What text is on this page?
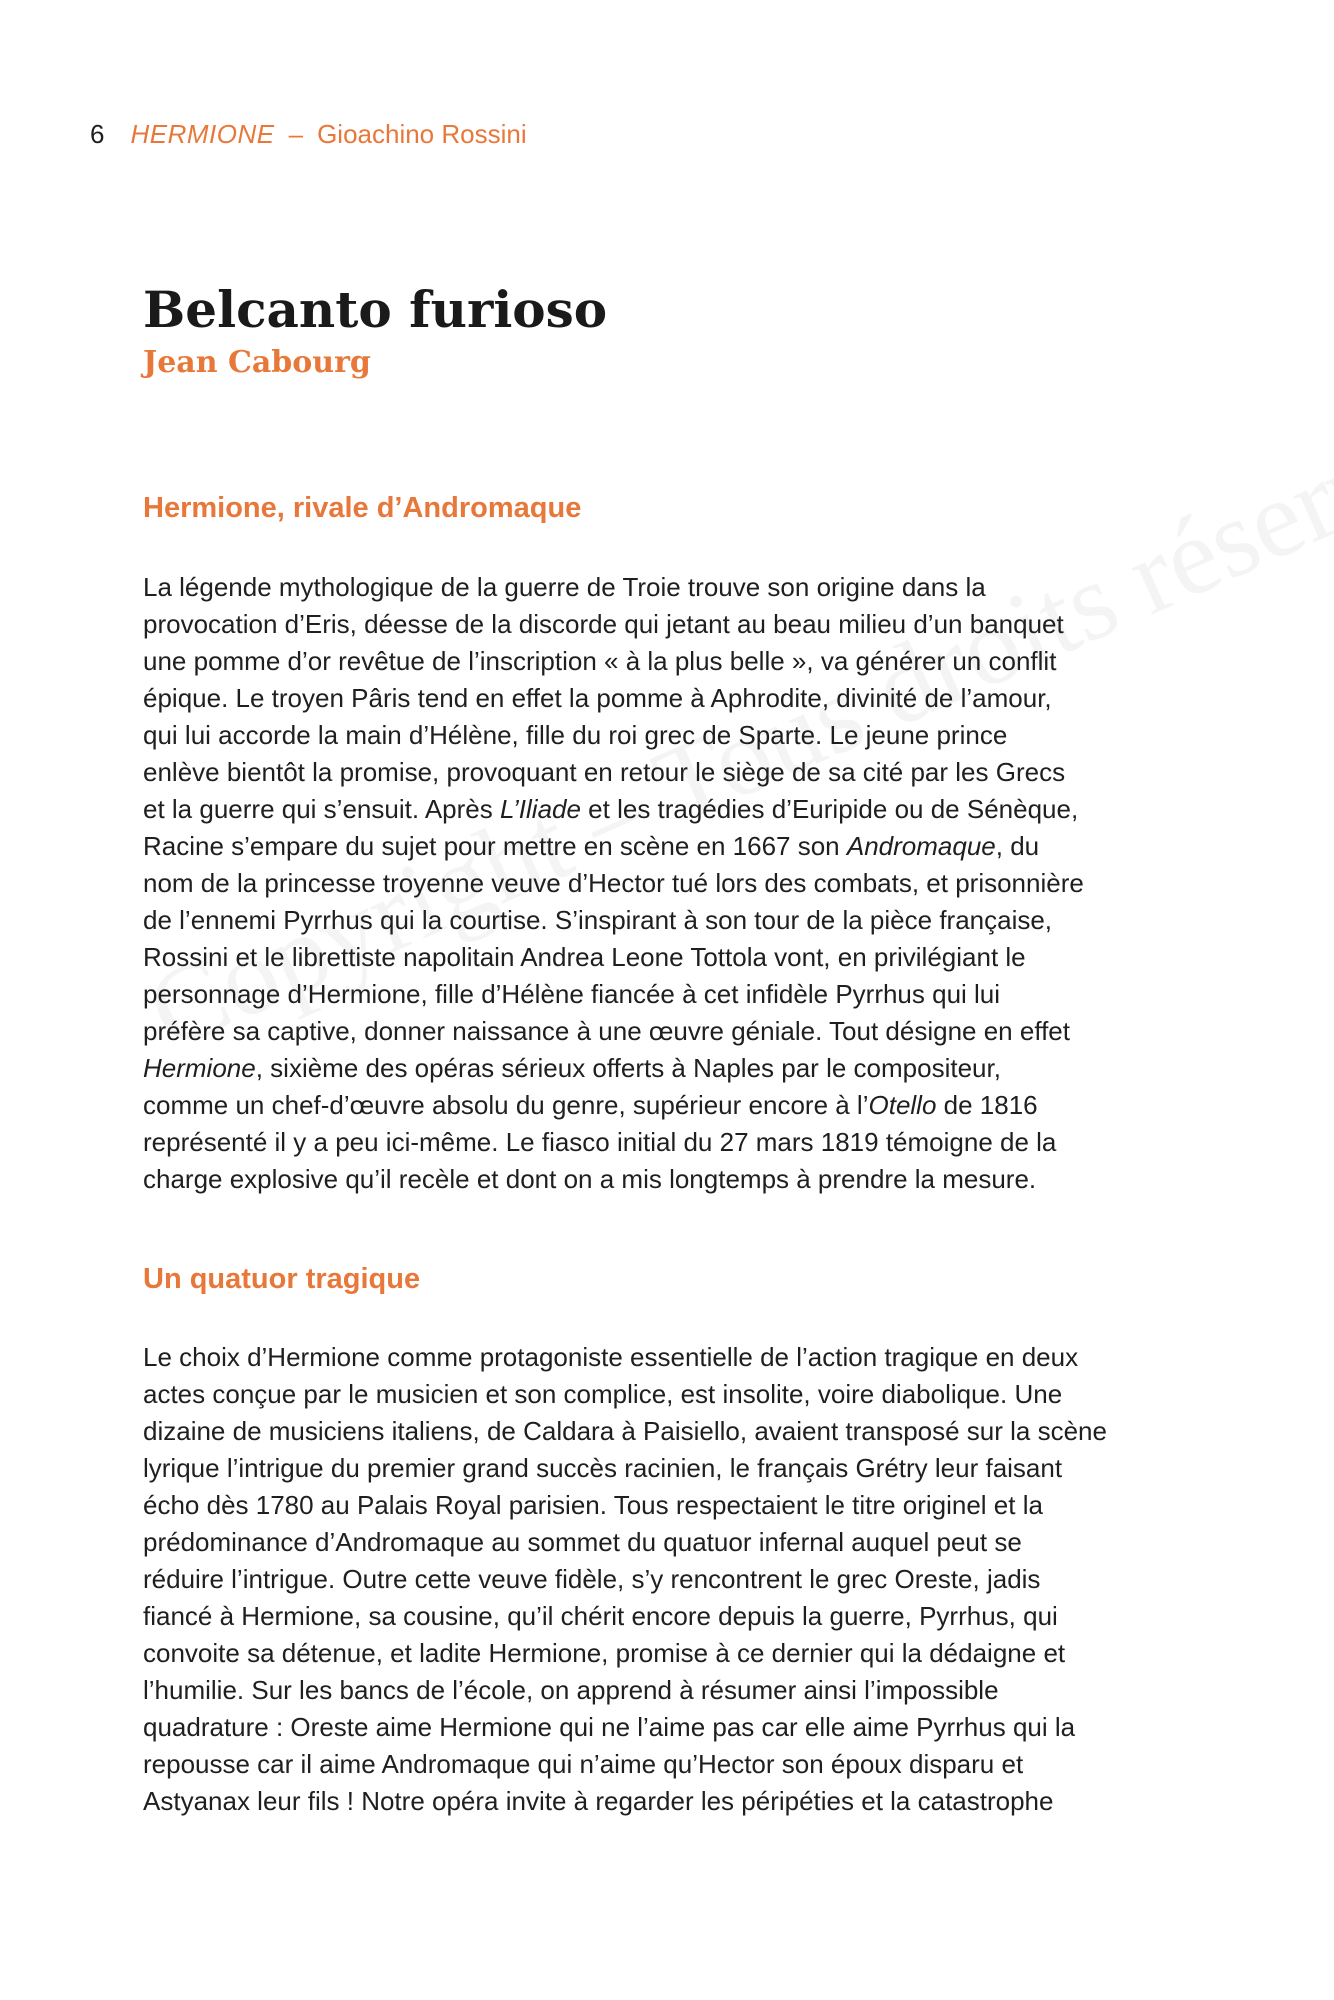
6 HERMIONE – Gioachino Rossini
Belcanto furioso
Jean Cabourg
Hermione, rivale d’Andromaque
La légende mythologique de la guerre de Troie trouve son origine dans la
provocation d’Eris, déesse de la discorde qui jetant au beau milieu d’un banquet
une pomme d’or revêtue de l’inscription « à la plus belle », va générer un conflit
épique. Le troyen Pâris tend en effet la pomme à Aphrodite, divinité de l’amour,
qui lui accorde la main d’Hélène, fille du roi grec de Sparte. Le jeune prince
enlève bientôt la promise, provoquant en retour le siège de sa cité par les Grecs
et la guerre qui s’ensuit. Après L’Iliade et les tragédies d’Euripide ou de Sénèque,
Racine s’empare du sujet pour mettre en scène en 1667 son Andromaque, du
nom de la princesse troyenne veuve d’Hector tué lors des combats, et prisonnière
de l’ennemi Pyrrhus qui la courtise. S’inspirant à son tour de la pièce française,
Rossini et le librettiste napolitain Andrea Leone Tottola vont, en privilégiant le
personnage d’Hermione, fille d’Hélène fiancée à cet infidèle Pyrrhus qui lui
préfère sa captive, donner naissance à une œuvre géniale. Tout désigne en effet
Hermione, sixième des opéras sérieux offerts à Naples par le compositeur,
comme un chef-d’œuvre absolu du genre, supérieur encore à l’Otello de 1816
représenté il y a peu ici-même. Le fiasco initial du 27 mars 1819 témoigne de la
charge explosive qu’il recèle et dont on a mis longtemps à prendre la mesure.
Un quatuor tragique
Le choix d’Hermione comme protagoniste essentielle de l’action tragique en deux
actes conçue par le musicien et son complice, est insolite, voire diabolique. Une
dizaine de musiciens italiens, de Caldara à Paisiello, avaient transposé sur la scène
lyrique l’intrigue du premier grand succès racinien, le français Grétry leur faisant
écho dès 1780 au Palais Royal parisien. Tous respectaient le titre originel et la
prédominance d’Andromaque au sommet du quatuor infernal auquel peut se
réduire l’intrigue. Outre cette veuve fidèle, s’y rencontrent le grec Oreste, jadis
fiancé à Hermione, sa cousine, qu’il chérit encore depuis la guerre, Pyrrhus, qui
convoite sa détenue, et ladite Hermione, promise à ce dernier qui la dédaigne et
l’humilie. Sur les bancs de l’école, on apprend à résumer ainsi l’impossible
quadrature : Oreste aime Hermione qui ne l’aime pas car elle aime Pyrrhus qui la
repousse car il aime Andromaque qui n’aime qu’Hector son époux disparu et
Astyanax leur fils ! Notre opéra invite à regarder les péripéties et la catastrophe
